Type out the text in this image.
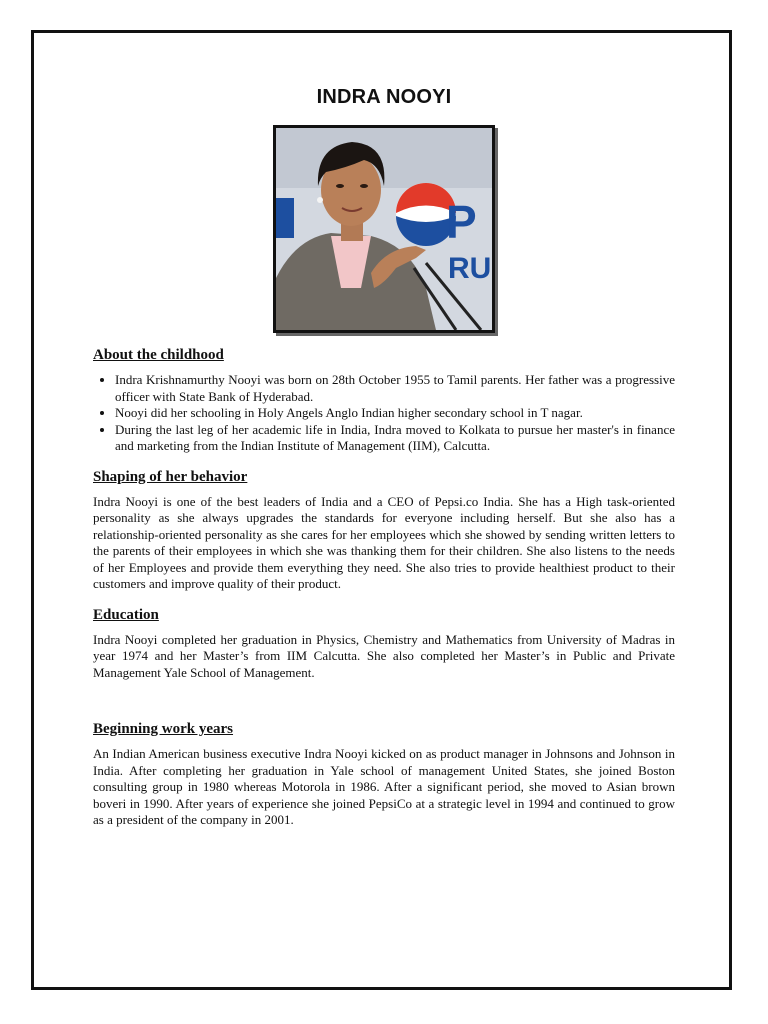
INDRA NOOYI
P
RU
About the childhood
• Indra Krishnamurthy Nooyi was born on 28th October 1955 to Tamil parents. Her father was a progressive officer with State Bank of Hyderabad.
• Nooyi did her schooling in Holy Angels Anglo Indian higher secondary school in T nagar.
• During the last leg of her academic life in India, Indra moved to Kolkata to pursue her master's in finance and marketing from the Indian Institute of Management (IIM), Calcutta.
Shaping of her behavior

Indra Nooyi is one of the best leaders of India and a CEO of Pepsi.co India. She has a High task-oriented personality as she always upgrades the standards for everyone including herself. But she also has a relationship-oriented personality as she cares for her employees which she showed by sending written letters to the parents of their employees in which she was thanking them for their children. She also listens to the needs of her Employees and provide them everything they need. She also tries to provide healthiest product to their customers and improve quality of their product.

Education

Indra Nooyi completed her graduation in Physics, Chemistry and Mathematics from University of Madras in year 1974 and her Master’s from IIM Calcutta. She also completed her Master’s in Public and Private Management Yale School of Management.

Beginning work years

An Indian American business executive Indra Nooyi kicked on as product manager in Johnsons and Johnson in India. After completing her graduation in Yale school of management United States, she joined Boston consulting group in 1980 whereas Motorola in 1986. After a significant period, she moved to Asian brown boveri in 1990. After years of experience she joined PepsiCo at a strategic level in 1994 and continued to grow as a president of the company in 2001.
